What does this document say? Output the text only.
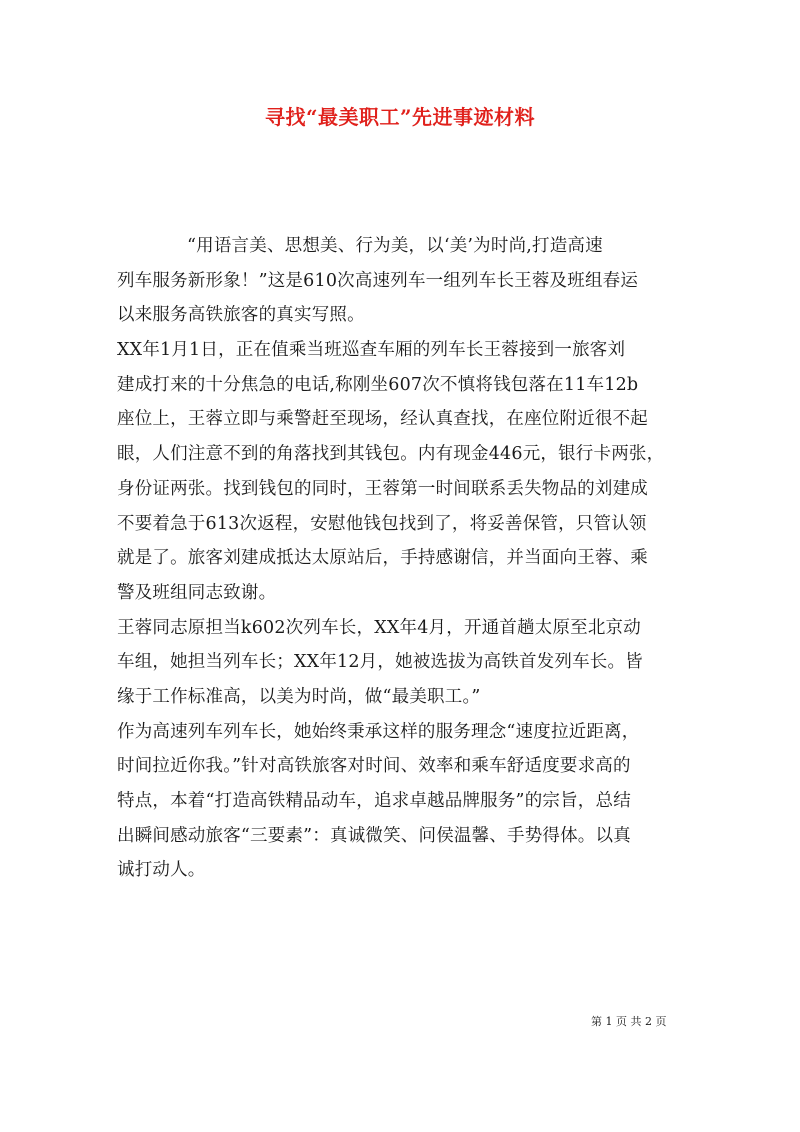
寻找“最美职工”先进事迹材料
“用语言美、思想美、行为美，以‘美’为时尚,打造高速
列车服务新形象！”这是610次高速列车一组列车长王蓉及班组春运
以来服务高铁旅客的真实写照。
XX年1月1日，正在值乘当班巡查车厢的列车长王蓉接到一旅客刘
建成打来的十分焦急的电话,称刚坐607次不慎将钱包落在11车12b
座位上，王蓉立即与乘警赶至现场，经认真查找，在座位附近很不起
眼，人们注意不到的角落找到其钱包。内有现金446元，银行卡两张，
身份证两张。找到钱包的同时，王蓉第一时间联系丢失物品的刘建成
不要着急于613次返程，安慰他钱包找到了，将妥善保管，只管认领
就是了。旅客刘建成抵达太原站后，手持感谢信，并当面向王蓉、乘
警及班组同志致谢。
王蓉同志原担当k602次列车长，XX年4月，开通首趟太原至北京动
车组，她担当列车长；XX年12月，她被选拔为高铁首发列车长。皆
缘于工作标准高，以美为时尚，做“最美职工。”
作为高速列车列车长，她始终秉承这样的服务理念“速度拉近距离，
时间拉近你我。”针对高铁旅客对时间、效率和乘车舒适度要求高的
特点，本着“打造高铁精品动车，追求卓越品牌服务”的宗旨，总结
出瞬间感动旅客“三要素”：真诚微笑、问侯温馨、手势得体。以真
诚打动人。
第 1 页 共 2 页
